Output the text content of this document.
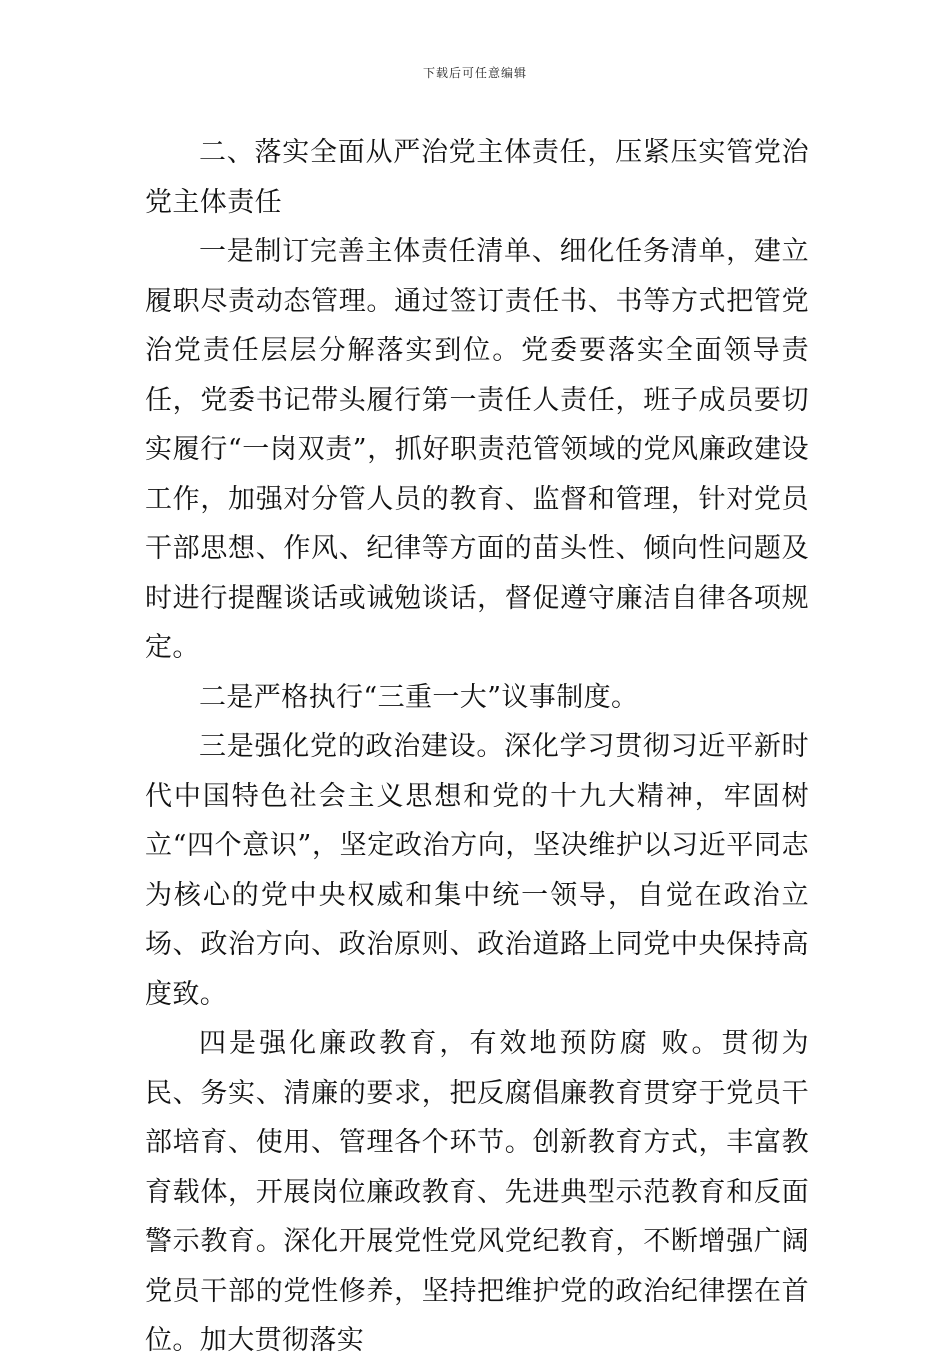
下载后可任意编辑

二、落实全面从严治党主体责任，压紧压实管党治党主体责任

一是制订完善主体责任清单、细化任务清单，建立履职尽责动态管理。通过签订责任书、书等方式把管党治党责任层层分解落实到位。党委要落实全面领导责任，党委书记带头履行第一责任人责任，班子成员要切实履行“一岗双责”，抓好职责范管领域的党风廉政建设工作，加强对分管人员的教育、监督和管理，针对党员干部思想、作风、纪律等方面的苗头性、倾向性问题及时进行提醒谈话或诫勉谈话，督促遵守廉洁自律各项规定。

二是严格执行“三重一大”议事制度。

三是强化党的政治建设。深化学习贯彻习近平新时代中国特色社会主义思想和党的十九大精神，牢固树立“四个意识”，坚定政治方向，坚决维护以习近平同志为核心的党中央权威和集中统一领导，自觉在政治立场、政治方向、政治原则、政治道路上同党中央保持高度致。

四是强化廉政教育，有效地预防腐 败。贯彻为民、务实、清廉的要求，把反腐倡廉教育贯穿于党员干部培育、使用、管理各个环节。创新教育方式，丰富教育载体，开展岗位廉政教育、先进典型示范教育和反面警示教育。深化开展党性党风党纪教育，不断增强广阔党员干部的党性修养，坚持把维护党的政治纪律摆在首位。加大贯彻落实
